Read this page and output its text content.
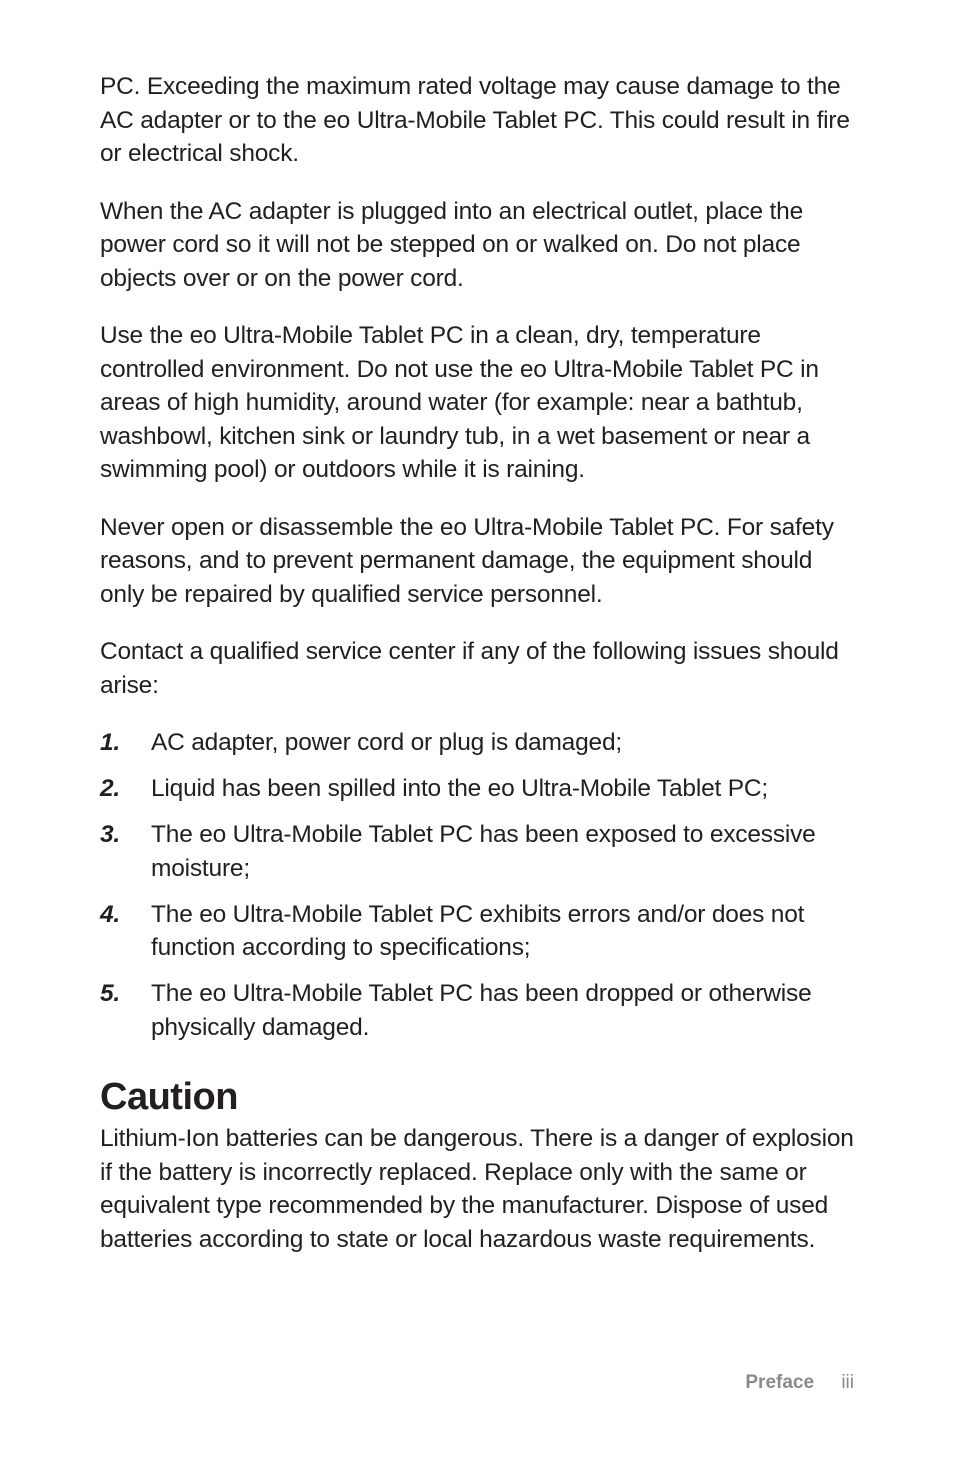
PC. Exceeding the maximum rated voltage may cause damage to the AC adapter or to the eo Ultra-Mobile Tablet PC. This could result in fire or electrical shock.

When the AC adapter is plugged into an electrical outlet, place the power cord so it will not be stepped on or walked on. Do not place objects over or on the power cord.

Use the eo Ultra-Mobile Tablet PC in a clean, dry, temperature controlled environment. Do not use the eo Ultra-Mobile Tablet PC in areas of high humidity, around water (for example: near a bathtub, washbowl, kitchen sink or laundry tub, in a wet basement or near a swimming pool) or outdoors while it is raining.

Never open or disassemble the eo Ultra-Mobile Tablet PC. For safety reasons, and to prevent permanent damage, the equipment should only be repaired by qualified service personnel.

Contact a qualified service center if any of the following issues should arise:

1.	AC adapter, power cord or plug is damaged;
2.	Liquid has been spilled into the eo Ultra-Mobile Tablet PC;
3.	The eo Ultra-Mobile Tablet PC has been exposed to excessive moisture;
4.	The eo Ultra-Mobile Tablet PC exhibits errors and/or does not function according to specifications;
5.	The eo Ultra-Mobile Tablet PC has been dropped or otherwise physically damaged.
Caution

Lithium-Ion batteries can be dangerous. There is a danger of explosion if the battery is incorrectly replaced. Replace only with the same or equivalent type recommended by the manufacturer. Dispose of used batteries according to state or local hazardous waste requirements.

Preface iii
